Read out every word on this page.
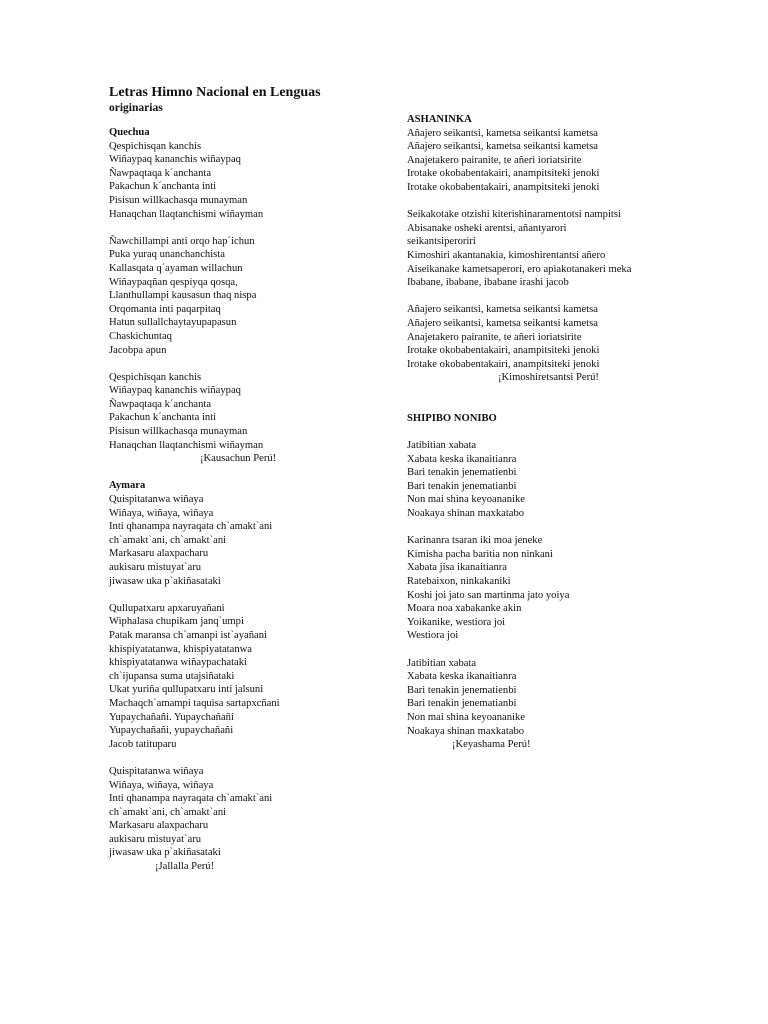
Letras Himno Nacional en Lenguas

originarias

Quechua

Qespichisqan kanchis
Wiñaypaq kananchis wiñaypaq
Ñawpaqtaqa k´anchanta
Pakachun k´anchanta inti
Pisisun willkachasqa munayman
Hanaqchan llaqtanchismi wiñayman
Ñawchillampi anti orqo hap´ichun
Puka yuraq unanchanchista
Kallasqata q´ayaman willachun
Wiñaypaqñan qespiyqa qosqa,
Llanthullampi kausasun thaq nispa
Orqomanta inti paqarpitaq
Hatun sullallchaytayupapasun
Chaskichuntaq
Jacobpa apun
Qespichisqan kanchis
Wiñaypaq kananchis wiñaypaq
Ñawpaqtaqa k´anchanta
Pakachun k´anchanta inti
Pisisun willkachasqa munayman
Hanaqchan llaqtanchismi wiñayman
¡Kausachun Perú!

Aymara

Quispitatanwa wiñaya
Wiñaya, wiñaya, wiñaya
Inti qhanampa nayraqata ch`amakt`ani
ch`amakt`ani, ch`amakt`ani
Markasaru alaxpacharu
aukisaru mistuyat`aru
jiwasaw uka p`akiñasataki
Qullupatxaru apxaruyañani
Wiphalasa chupikam janq`umpi
Patak maransa ch`amanpi ist`ayañani
khispiyatatanwa, khispiyatatanwa
khispiyatatanwa wiñaypachataki
ch`ijupansa suma utajsiñataki
Ukat yuriña qullupatxaru inti jalsuni
Machaqch`amampi taquisa sartapxcñani
Yupaychañañi. Yupaychañañi
Yupaychañañi, yupaychañañi
Jacob tatituparu
Quispitatanwa wiñaya
Wiñaya, wiñaya, wiñaya
Inti qhanampa nayraqata ch`amakt`ani
ch`amakt`ani, ch`amakt`ani
Markasaru alaxpacharu
aukisaru mistuyat`aru
jiwasaw uka p`akiñasataki
¡Jallalla Perú!

ASHANINKA

Añajero seikantsi, kametsa seikantsi kametsa
Añajero seikantsi, kametsa seikantsi kametsa
Anajetakero pairanite, te añeri ioriatsirite
Irotake okobabentakairi, anampitsiteki jenoki
Irotake okobabentakairi, anampitsiteki jenoki
Seikakotake otzishi kiterishinaramentotsi nampitsi
Abisanake osheki arentsi, añantyarori
seikantsiperoriri
Kimoshiri akantanakia, kimoshirentantsi añero
Aiseikanake kametsaperori, ero apiakotanakeri meka
Ibabane, ibabane, ibabane irashi jacob
Añajero seikantsi, kametsa seikantsi kametsa
Añajero seikantsi, kametsa seikantsi kametsa
Anajetakero pairanite, te añeri ioriatsirite
Irotake okobabentakairi, anampitsiteki jenoki
Irotake okobabentakairi, anampitsiteki jenoki
¡Kimoshiretsantsi Perú!

SHIPIBO NONIBO

Jatibitian xabata
Xabata keska ikanaitianra
Bari tenakin jenematienbi
Bari tenakin jenematianbi
Non mai shina keyoananike
Noakaya shinan maxkatabo
Karinanra tsaran iki moa jeneke
Kimisha pacha baritia non ninkani
Xabata jisa ikanaitianra
Ratebaixon, ninkakaniki
Koshi joi jato san martinma jato yoiya
Moara noa xabakanke akin
Yoikanike, westiora joi
Westiora joi
Jatibitian xabata
Xabata keska ikanaitianra
Bari tenakin jenematienbi
Bari tenakin jenematianbi
Non mai shina keyoananike
Noakaya shinan maxkatabo
¡Keyashama Perú!
